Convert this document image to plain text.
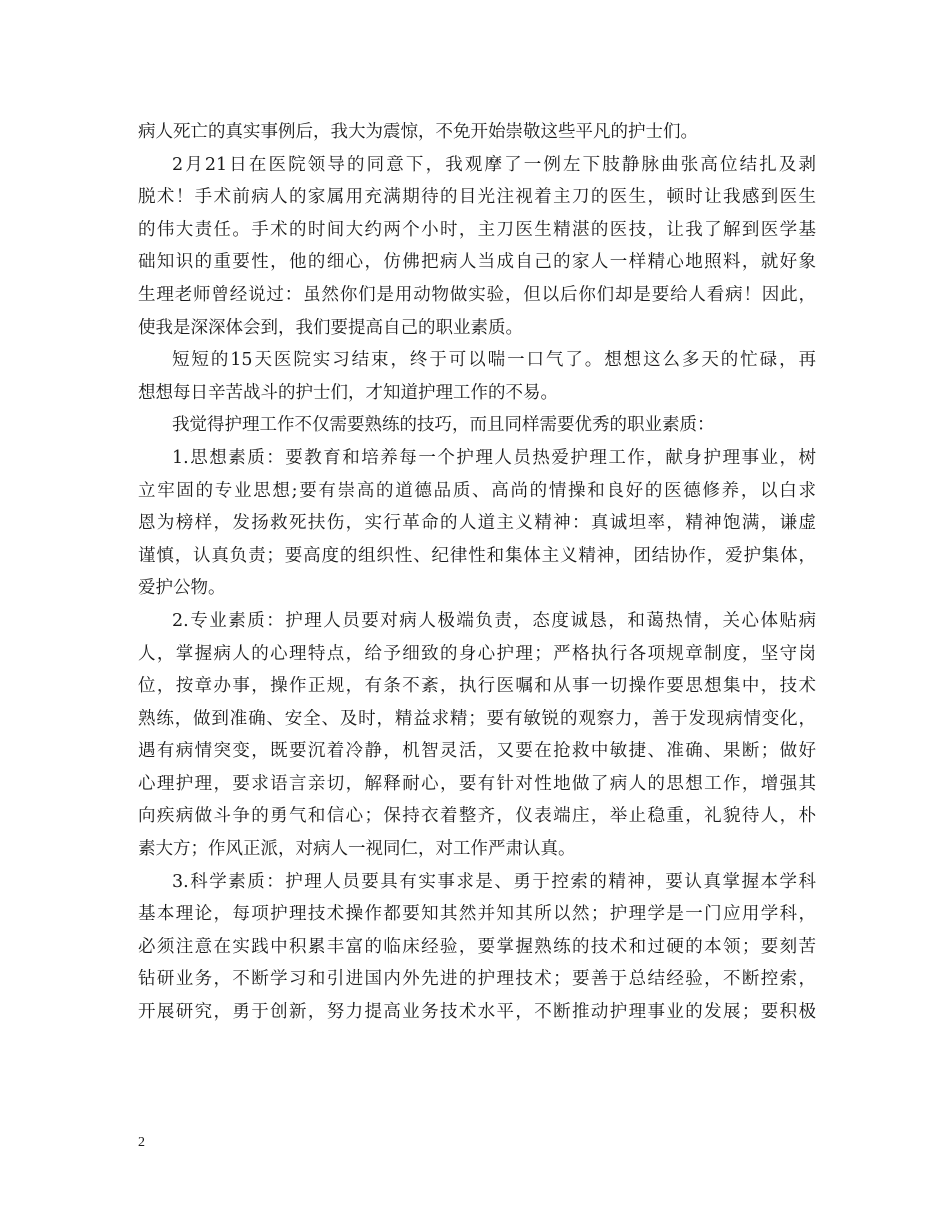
病人死亡的真实事例后，我大为震惊，不免开始崇敬这些平凡的护士们。
2月21日在医院领导的同意下，我观摩了一例左下肢静脉曲张高位结扎及剥
脱术！手术前病人的家属用充满期待的目光注视着主刀的医生，顿时让我感到医生
的伟大责任。手术的时间大约两个小时，主刀医生精湛的医技，让我了解到医学基
础知识的重要性，他的细心，仿佛把病人当成自己的家人一样精心地照料，就好象
生理老师曾经说过：虽然你们是用动物做实验，但以后你们却是要给人看病！因此，
使我是深深体会到，我们要提高自己的职业素质。
短短的15天医院实习结束，终于可以喘一口气了。想想这么多天的忙碌，再
想想每日辛苦战斗的护士们，才知道护理工作的不易。
我觉得护理工作不仅需要熟练的技巧，而且同样需要优秀的职业素质：
1.思想素质：要教育和培养每一个护理人员热爱护理工作，献身护理事业，树
立牢固的专业思想;要有崇高的道德品质、高尚的情操和良好的医德修养，以白求
恩为榜样，发扬救死扶伤，实行革命的人道主义精神：真诚坦率，精神饱满，谦虚
谨慎，认真负责；要高度的组织性、纪律性和集体主义精神，团结协作，爱护集体，
爱护公物。
2.专业素质：护理人员要对病人极端负责，态度诚恳，和蔼热情，关心体贴病
人，掌握病人的心理特点，给予细致的身心护理；严格执行各项规章制度，坚守岗
位，按章办事，操作正规，有条不紊，执行医嘱和从事一切操作要思想集中，技术
熟练，做到准确、安全、及时，精益求精；要有敏锐的观察力，善于发现病情变化，
遇有病情突变，既要沉着冷静，机智灵活，又要在抢救中敏捷、准确、果断；做好
心理护理，要求语言亲切，解释耐心，要有针对性地做了病人的思想工作，增强其
向疾病做斗争的勇气和信心；保持衣着整齐，仪表端庄，举止稳重，礼貌待人，朴
素大方；作风正派，对病人一视同仁，对工作严肃认真。
3.科学素质：护理人员要具有实事求是、勇于控索的精神，要认真掌握本学科
基本理论，每项护理技术操作都要知其然并知其所以然；护理学是一门应用学科，
必须注意在实践中积累丰富的临床经验，要掌握熟练的技术和过硬的本领；要刻苦
钻研业务，不断学习和引进国内外先进的护理技术；要善于总结经验，不断控索，
开展研究，勇于创新，努力提高业务技术水平，不断推动护理事业的发展；要积极
2
